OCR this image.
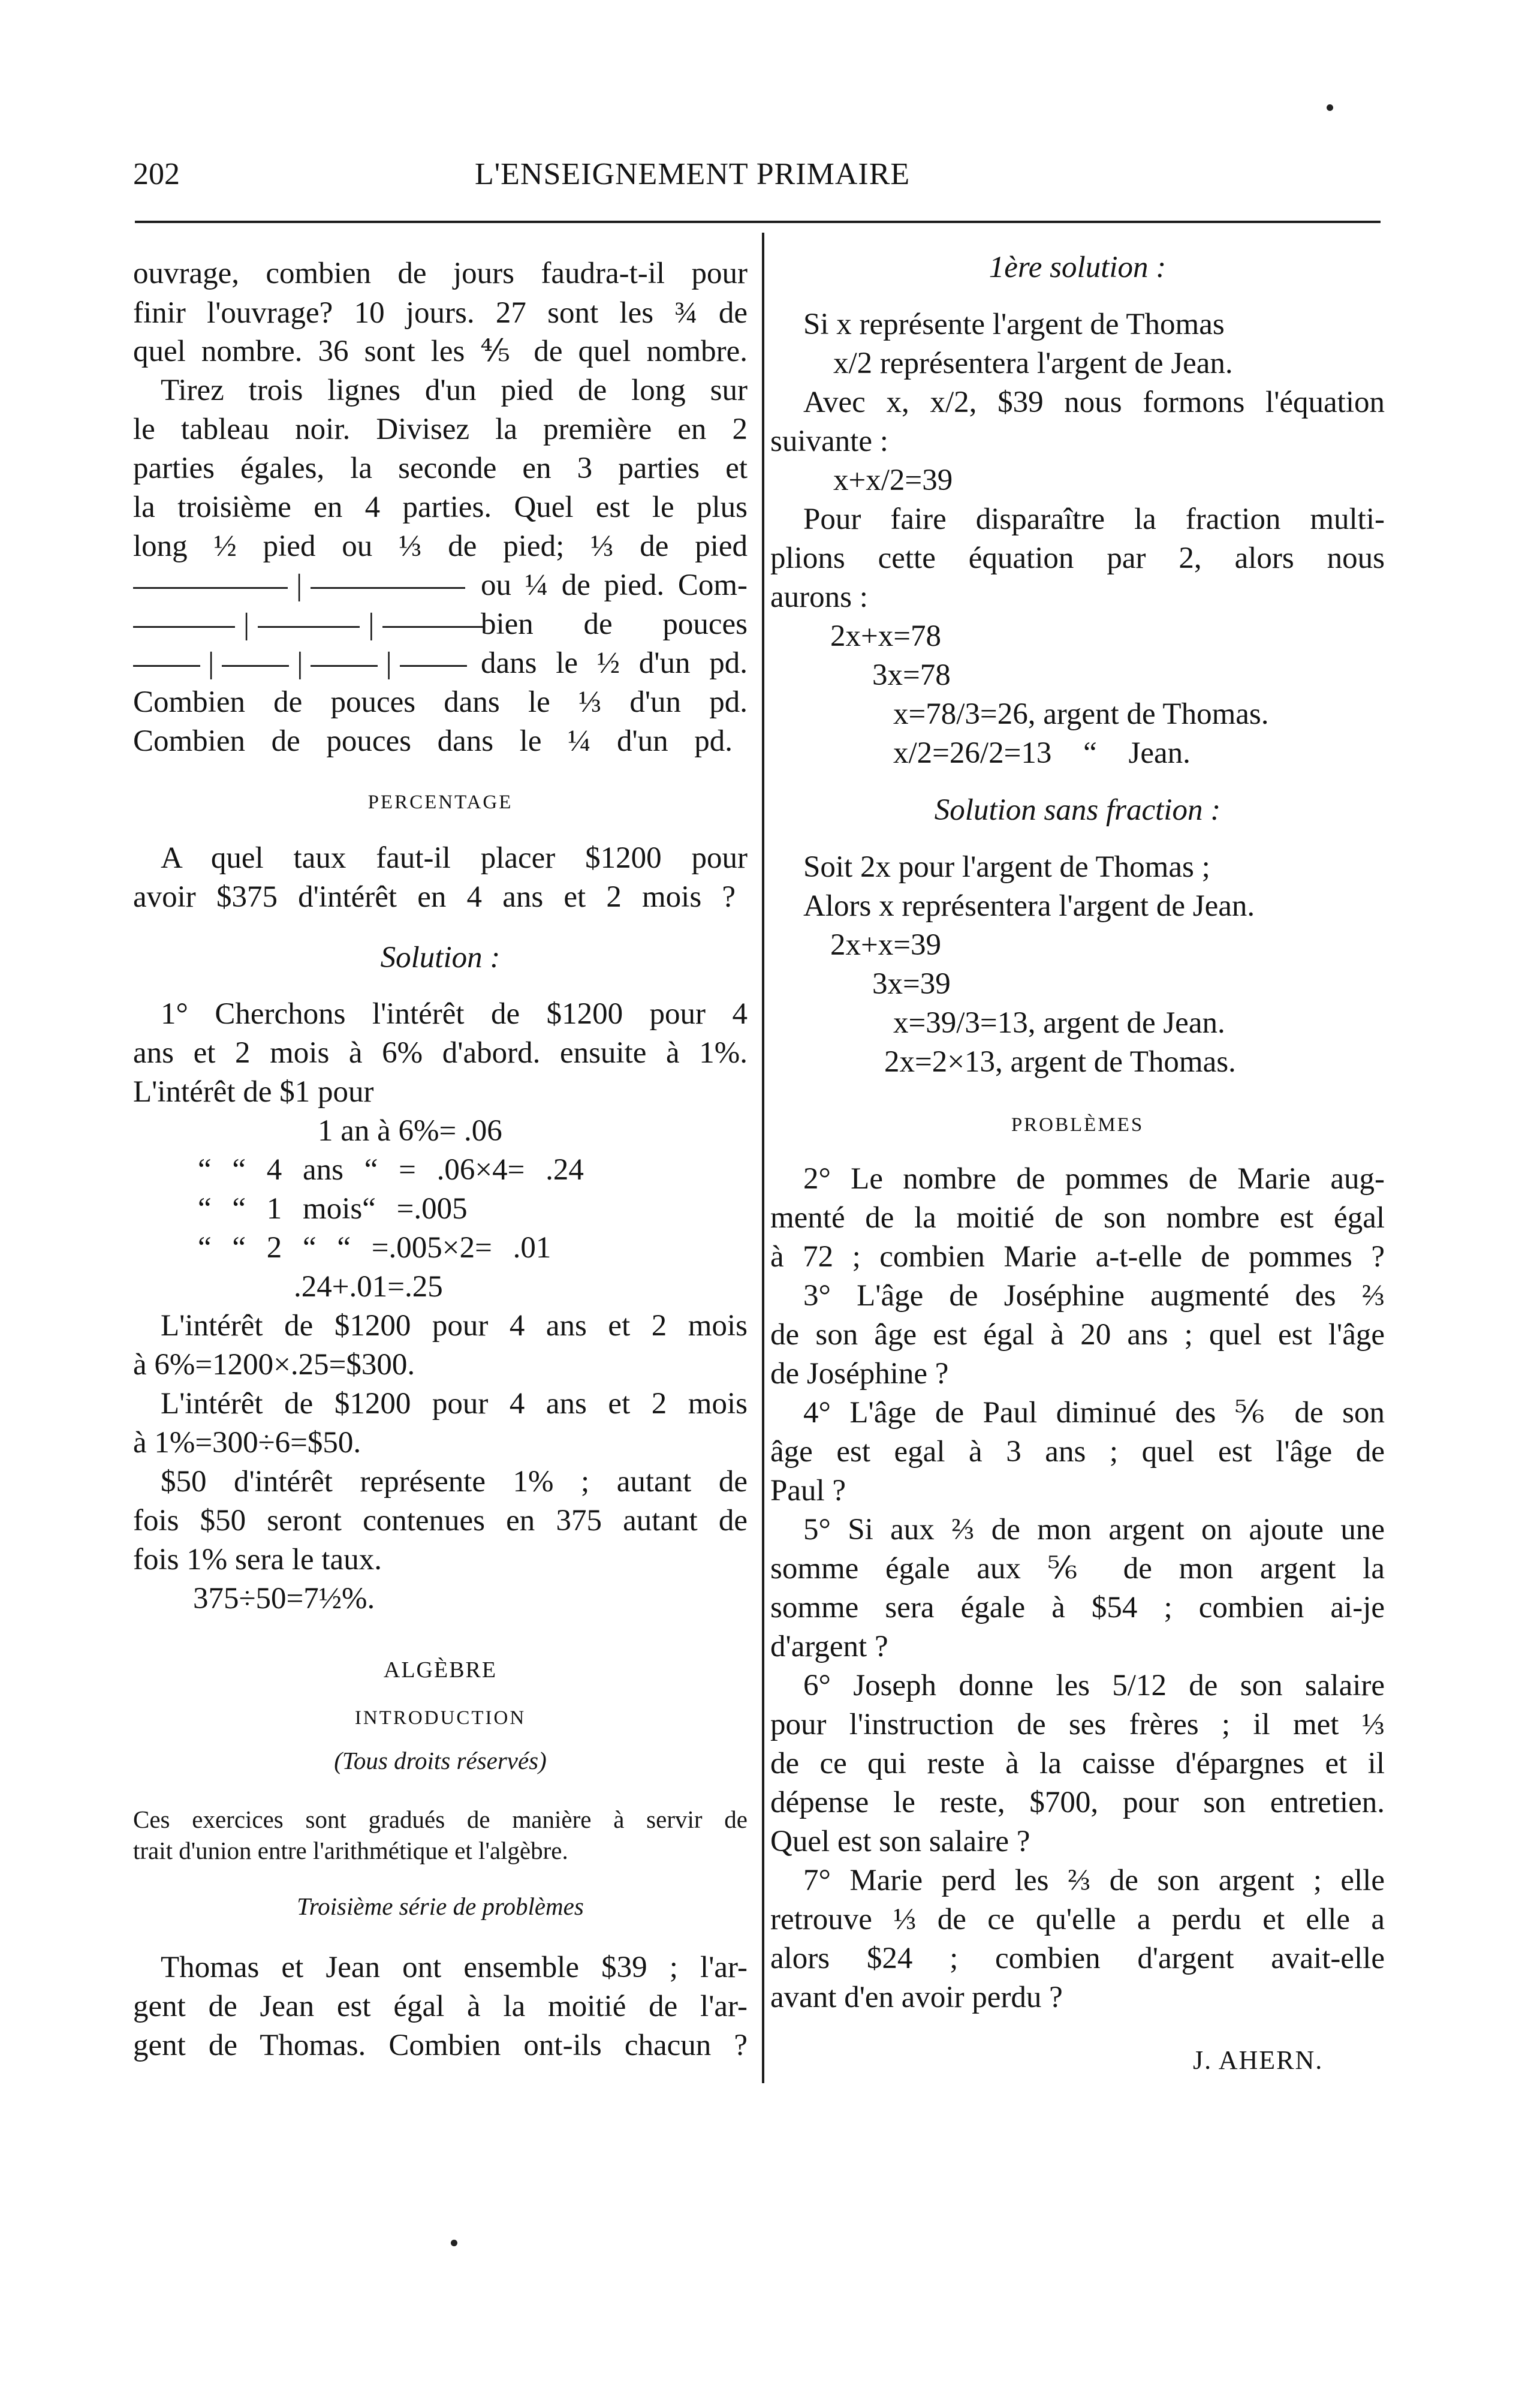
202	L'ENSEIGNEMENT PRIMAIRE
ouvrage, combien de jours faudra-t-il pour
finir l'ouvrage? 10 jours. 27 sont les ¾ de
quel nombre. 36 sont les ⅘ de quel nombre.
Tirez trois lignes d'un pied de long sur
le tableau noir. Divisez la première en 2
parties égales, la seconde en 3 parties et
la troisième en 4 parties. Quel est le plus
long ½ pied ou ⅓ de pied; ⅓ de pied
|
|	|
|	|	|
ou ¼ de pied. Com-
bien de pouces
dans le ½ d'un pd.
Combien de pouces dans le ⅓ d'un pd.
Combien de pouces dans le ¼ d'un pd.
PERCENTAGE
A quel taux faut-il placer $1200 pour
avoir $375 d'intérêt en 4 ans et 2 mois ?
Solution :
1° Cherchons l'intérêt de $1200 pour 4
ans et 2 mois à 6% d'abord. ensuite à 1%.
L'intérêt de $1 pour
1 an à 6%= .06
“ “ 4 ans “ = .06×4= .24
“ “ 1 mois“ =.005
“ “ 2 “ “ =.005×2= .01
.24+.01=.25
L'intérêt de $1200 pour 4 ans et 2 mois
à 6%=1200×.25=$300.
L'intérêt de $1200 pour 4 ans et 2 mois
à 1%=300÷6=$50.
$50 d'intérêt représente 1% ; autant de
fois $50 seront contenues en 375 autant de
fois 1% sera le taux.
375÷50=7½%.
ALGÈBRE
INTRODUCTION
(Tous droits réservés)
Ces exercices sont gradués de manière à servir de
trait d'union entre l'arithmétique et l'algèbre.
Troisième série de problèmes
Thomas et Jean ont ensemble $39 ; l'ar-
gent de Jean est égal à la moitié de l'ar-
gent de Thomas. Combien ont-ils chacun ?
1ère solution :
Si x représente l'argent de Thomas
x/2 représentera l'argent de Jean.
Avec x, x/2, $39 nous formons l'équation
suivante :
x+x/2=39
Pour faire disparaître la fraction multi-
plions cette équation par 2, alors nous
aurons :
2x+x=78
3x=78
x=78/3=26, argent de Thomas.
x/2=26/2=13 “ Jean.
Solution sans fraction :
Soit 2x pour l'argent de Thomas ;
Alors x représentera l'argent de Jean.
2x+x=39
3x=39
x=39/3=13, argent de Jean.
2x=2×13, argent de Thomas.
PROBLÈMES
2° Le nombre de pommes de Marie aug-
menté de la moitié de son nombre est égal
à 72 ; combien Marie a-t-elle de pommes ?
3° L'âge de Joséphine augmenté des ⅔
de son âge est égal à 20 ans ; quel est l'âge
de Joséphine ?
4° L'âge de Paul diminué des ⅚ de son
âge est egal à 3 ans ; quel est l'âge de
Paul ?
5° Si aux ⅔ de mon argent on ajoute une
somme égale aux ⅚ de mon argent la
somme sera égale à $54 ; combien ai-je
d'argent ?
6° Joseph donne les 5/12 de son salaire
pour l'instruction de ses frères ; il met ⅓
de ce qui reste à la caisse d'épargnes et il
dépense le reste, $700, pour son entretien.
Quel est son salaire ?
7° Marie perd les ⅔ de son argent ; elle
retrouve ⅓ de ce qu'elle a perdu et elle a
alors $24 ; combien d'argent avait-elle
avant d'en avoir perdu ?
J. AHERN.
